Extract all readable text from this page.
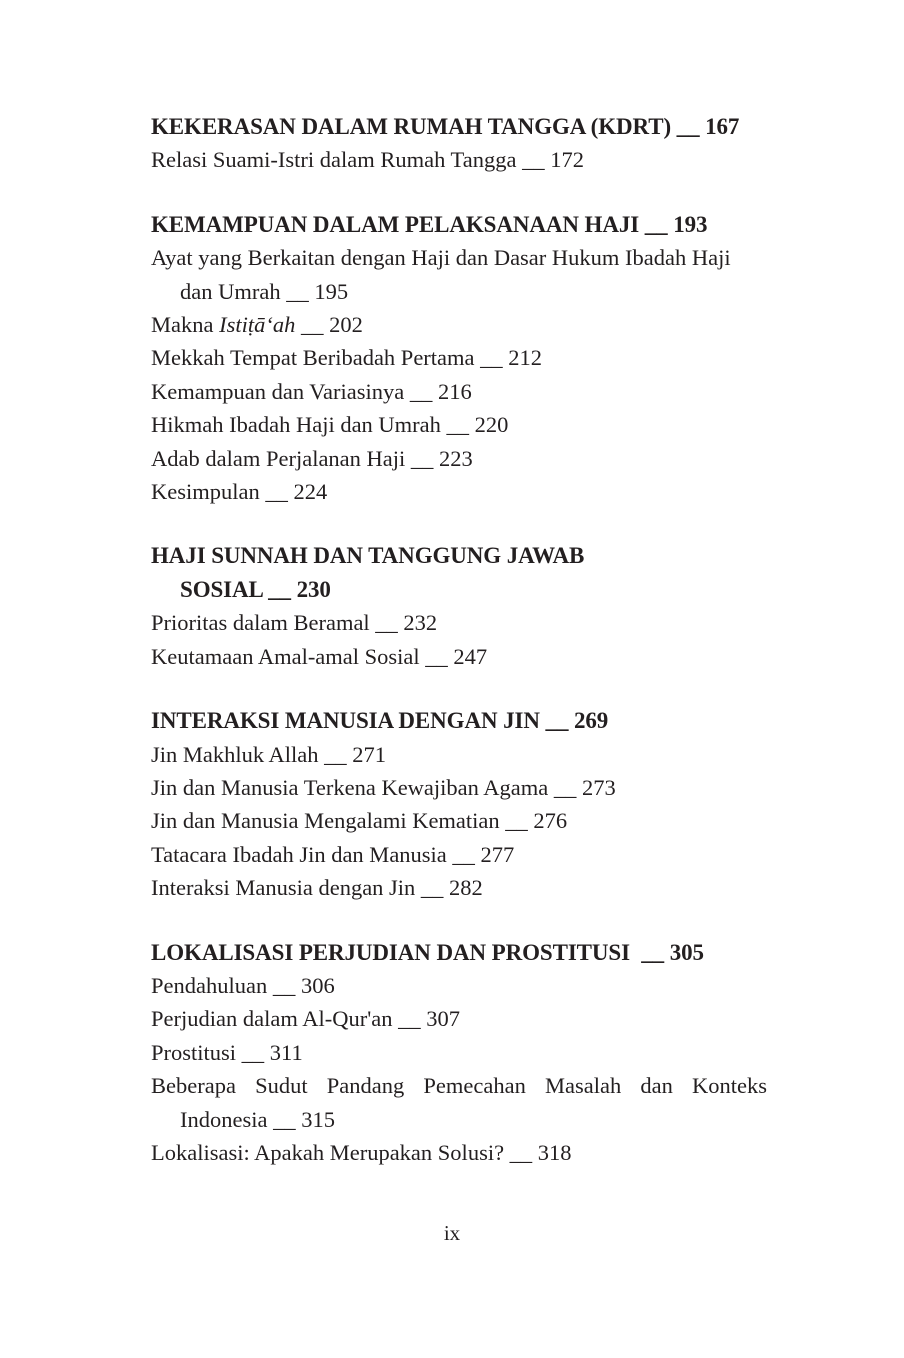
KEKERASAN DALAM RUMAH TANGGA (KDRT) __ 167
Relasi Suami-Istri dalam Rumah Tangga __ 172
KEMAMPUAN DALAM PELAKSANAAN HAJI __ 193
Ayat yang Berkaitan dengan Haji dan Dasar Hukum Ibadah Haji dan Umrah __ 195
Makna Istiṭā‘ah __ 202
Mekkah Tempat Beribadah Pertama __ 212
Kemampuan dan Variasinya __ 216
Hikmah Ibadah Haji dan Umrah __ 220
Adab dalam Perjalanan Haji __ 223
Kesimpulan __ 224
HAJI SUNNAH DAN TANGGUNG JAWAB SOSIAL __ 230
Prioritas dalam Beramal __ 232
Keutamaan Amal-amal Sosial __ 247
INTERAKSI MANUSIA DENGAN JIN __ 269
Jin Makhluk Allah __ 271
Jin dan Manusia Terkena Kewajiban Agama __ 273
Jin dan Manusia Mengalami Kematian __ 276
Tatacara Ibadah Jin dan Manusia __ 277
Interaksi Manusia dengan Jin __ 282
LOKALISASI PERJUDIAN DAN PROSTITUSI  __ 305
Pendahuluan __ 306
Perjudian dalam Al-Qur'an __ 307
Prostitusi __ 311
Beberapa Sudut Pandang Pemecahan Masalah dan Konteks Indonesia __ 315
Lokalisasi: Apakah Merupakan Solusi? __ 318
ix
